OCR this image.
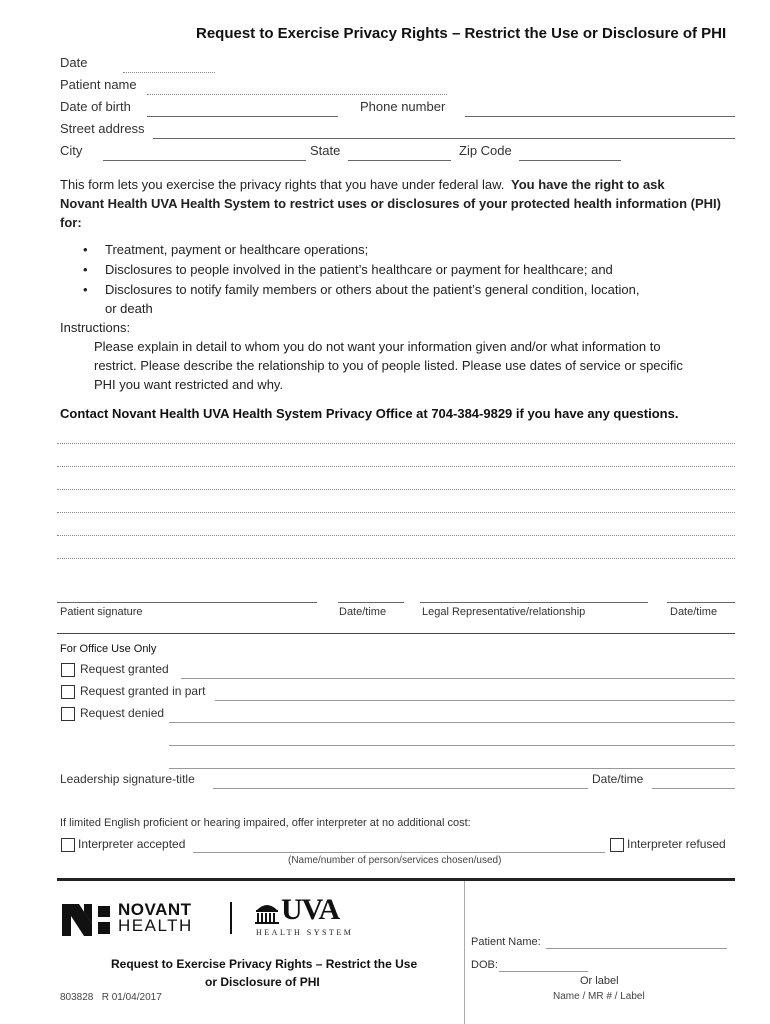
Request to Exercise Privacy Rights – Restrict the Use or Disclosure of PHI
Date
Patient name
Date of birth	Phone number
Street address
City	State	Zip Code
This form lets you exercise the privacy rights that you have under federal law. You have the right to ask
Novant Health UVA Health System to restrict uses or disclosures of your protected health information (PHI)
for:
• Treatment, payment or healthcare operations;
• Disclosures to people involved in the patient’s healthcare or payment for healthcare; and
• Disclosures to notify family members or others about the patient’s general condition, location,
or death
Instructions:
Please explain in detail to whom you do not want your information given and/or what information to
restrict. Please describe the relationship to you of people listed. Please use dates of service or specific
PHI you want restricted and why.
Contact Novant Health UVA Health System Privacy Office at 704-384-9829 if you have any questions.
Patient signature	Date/time	Legal Representative/relationship	Date/time
For Office Use Only
Request granted
Request granted in part
Request denied
Leadership signature-title	Date/time
If limited English proficient or hearing impaired, offer interpreter at no additional cost:
Interpreter accepted	Interpreter refused
(Name/number of person/services chosen/used)
NOVANT
HEALTH	UVA
HEALTH SYSTEM
Request to Exercise Privacy Rights – Restrict the Use
or Disclosure of PHI
803828   R 01/04/2017
Patient Name:
DOB:
Or label
Name / MR # / Label
